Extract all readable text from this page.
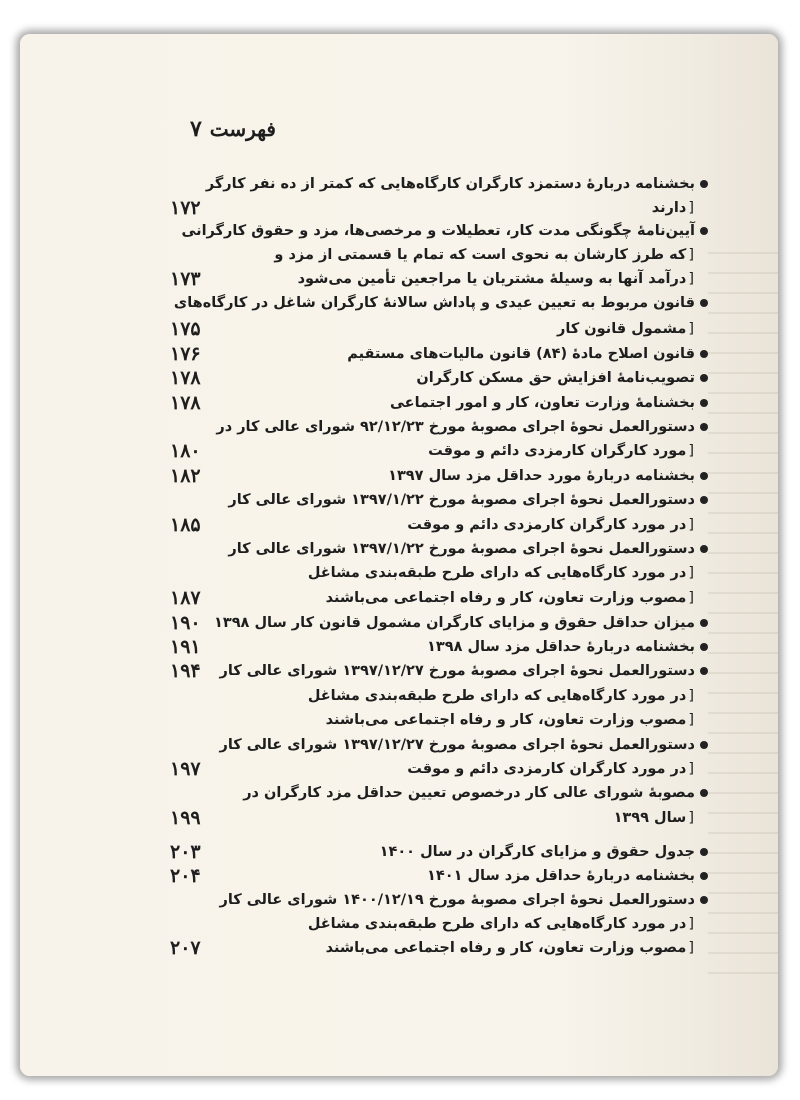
فهرست۷
بخشنامه دربارهٔ دستمزد کارگران کارگاه‌هایی که کمتر از ده نفر کارگر
[دارند
۱۷۲
آیین‌نامهٔ چگونگی مدت کار، تعطیلات و مرخصی‌ها، مزد و حقوق کارگرانی
[که طرز کارشان به نحوی است که تمام یا قسمتی از مزد و
[درآمد آنها به وسیلهٔ مشتریان یا مراجعین تأمین می‌شود
۱۷۳
قانون مربوط به تعیین عیدی و پاداش سالانهٔ کارگران شاغل در کارگاه‌های
[مشمول قانون کار
۱۷۵
قانون اصلاح مادهٔ (۸۴) قانون مالیات‌های مستقیم
۱۷۶
تصویب‌نامهٔ افزایش حق مسکن کارگران
۱۷۸
بخشنامهٔ وزارت تعاون، کار و امور اجتماعی
۱۷۸
دستورالعمل نحوهٔ اجرای مصوبهٔ مورخ ۹۲/۱۲/۲۳ شورای عالی کار در
[مورد کارگران کارمزدی دائم و موقت
۱۸۰
بخشنامه دربارهٔ مورد حداقل مزد سال ۱۳۹۷
۱۸۲
دستورالعمل نحوهٔ اجرای مصوبهٔ مورخ ۱۳۹۷/۱/۲۲ شورای عالی کار
[در مورد کارگران کارمزدی دائم و موقت
۱۸۵
دستورالعمل نحوهٔ اجرای مصوبهٔ مورخ ۱۳۹۷/۱/۲۲ شورای عالی کار
[در مورد کارگاه‌هایی که دارای طرح طبقه‌بندی مشاغل
[مصوب وزارت تعاون، کار و رفاه اجتماعی می‌باشند
۱۸۷
میزان حداقل حقوق و مزایای کارگران مشمول قانون کار سال ۱۳۹۸
۱۹۰
بخشنامه دربارهٔ حداقل مزد سال ۱۳۹۸
۱۹۱
دستورالعمل نحوهٔ اجرای مصوبهٔ مورخ ۱۳۹۷/۱۲/۲۷ شورای عالی کار
[در مورد کارگاه‌هایی که دارای طرح طبقه‌بندی مشاغل
[مصوب وزارت تعاون، کار و رفاه اجتماعی می‌باشند
۱۹۴
دستورالعمل نحوهٔ اجرای مصوبهٔ مورخ ۱۳۹۷/۱۲/۲۷ شورای عالی کار
[در مورد کارگران کارمزدی دائم و موقت
۱۹۷
مصوبهٔ شورای عالی کار درخصوص تعیین حداقل مزد کارگران در
[سال ۱۳۹۹
۱۹۹
جدول حقوق و مزایای کارگران در سال ۱۴۰۰
۲۰۳
بخشنامه دربارهٔ حداقل مزد سال ۱۴۰۱
۲۰۴
دستورالعمل نحوهٔ اجرای مصوبهٔ مورخ ۱۴۰۰/۱۲/۱۹ شورای عالی کار
[در مورد کارگاه‌هایی که دارای طرح طبقه‌بندی مشاغل
[مصوب وزارت تعاون، کار و رفاه اجتماعی می‌باشند
۲۰۷
